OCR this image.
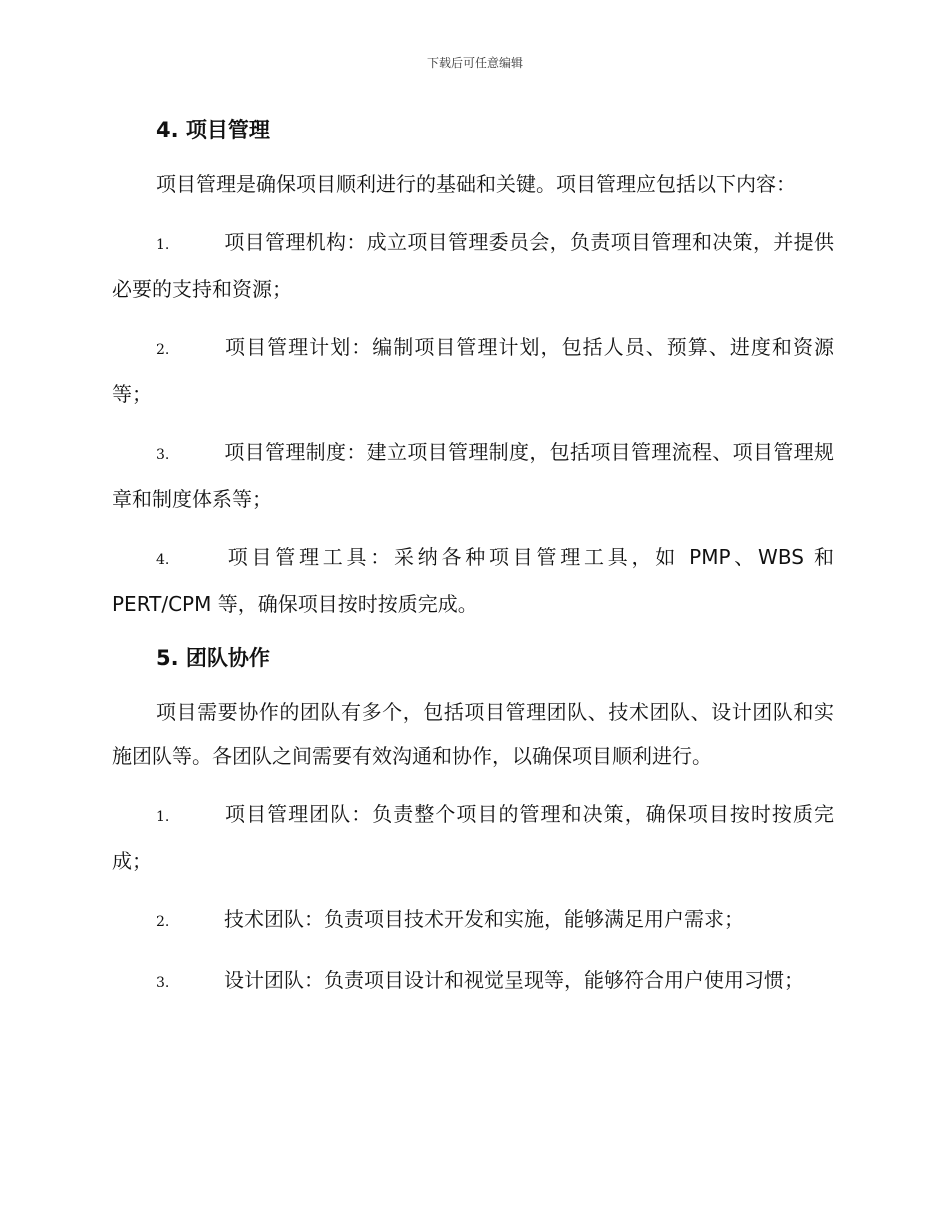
下载后可任意编辑
4. 项目管理

项目管理是确保项目顺利进行的基础和关键。项目管理应包括以下内容：

1.	项目管理机构：成立项目管理委员会，负责项目管理和决策，并提供必要的支持和资源；

2.	项目管理计划：编制项目管理计划，包括人员、预算、进度和资源等；

3.	项目管理制度：建立项目管理制度，包括项目管理流程、项目管理规章和制度体系等；

4.	项目管理工具：采纳各种项目管理工具，如 PMP、WBS 和 PERT/CPM 等，确保项目按时按质完成。

5. 团队协作

项目需要协作的团队有多个，包括项目管理团队、技术团队、设计团队和实施团队等。各团队之间需要有效沟通和协作，以确保项目顺利进行。

1.	项目管理团队：负责整个项目的管理和决策，确保项目按时按质完成；

2.	技术团队：负责项目技术开发和实施，能够满足用户需求；

3.	设计团队：负责项目设计和视觉呈现等，能够符合用户使用习惯；
